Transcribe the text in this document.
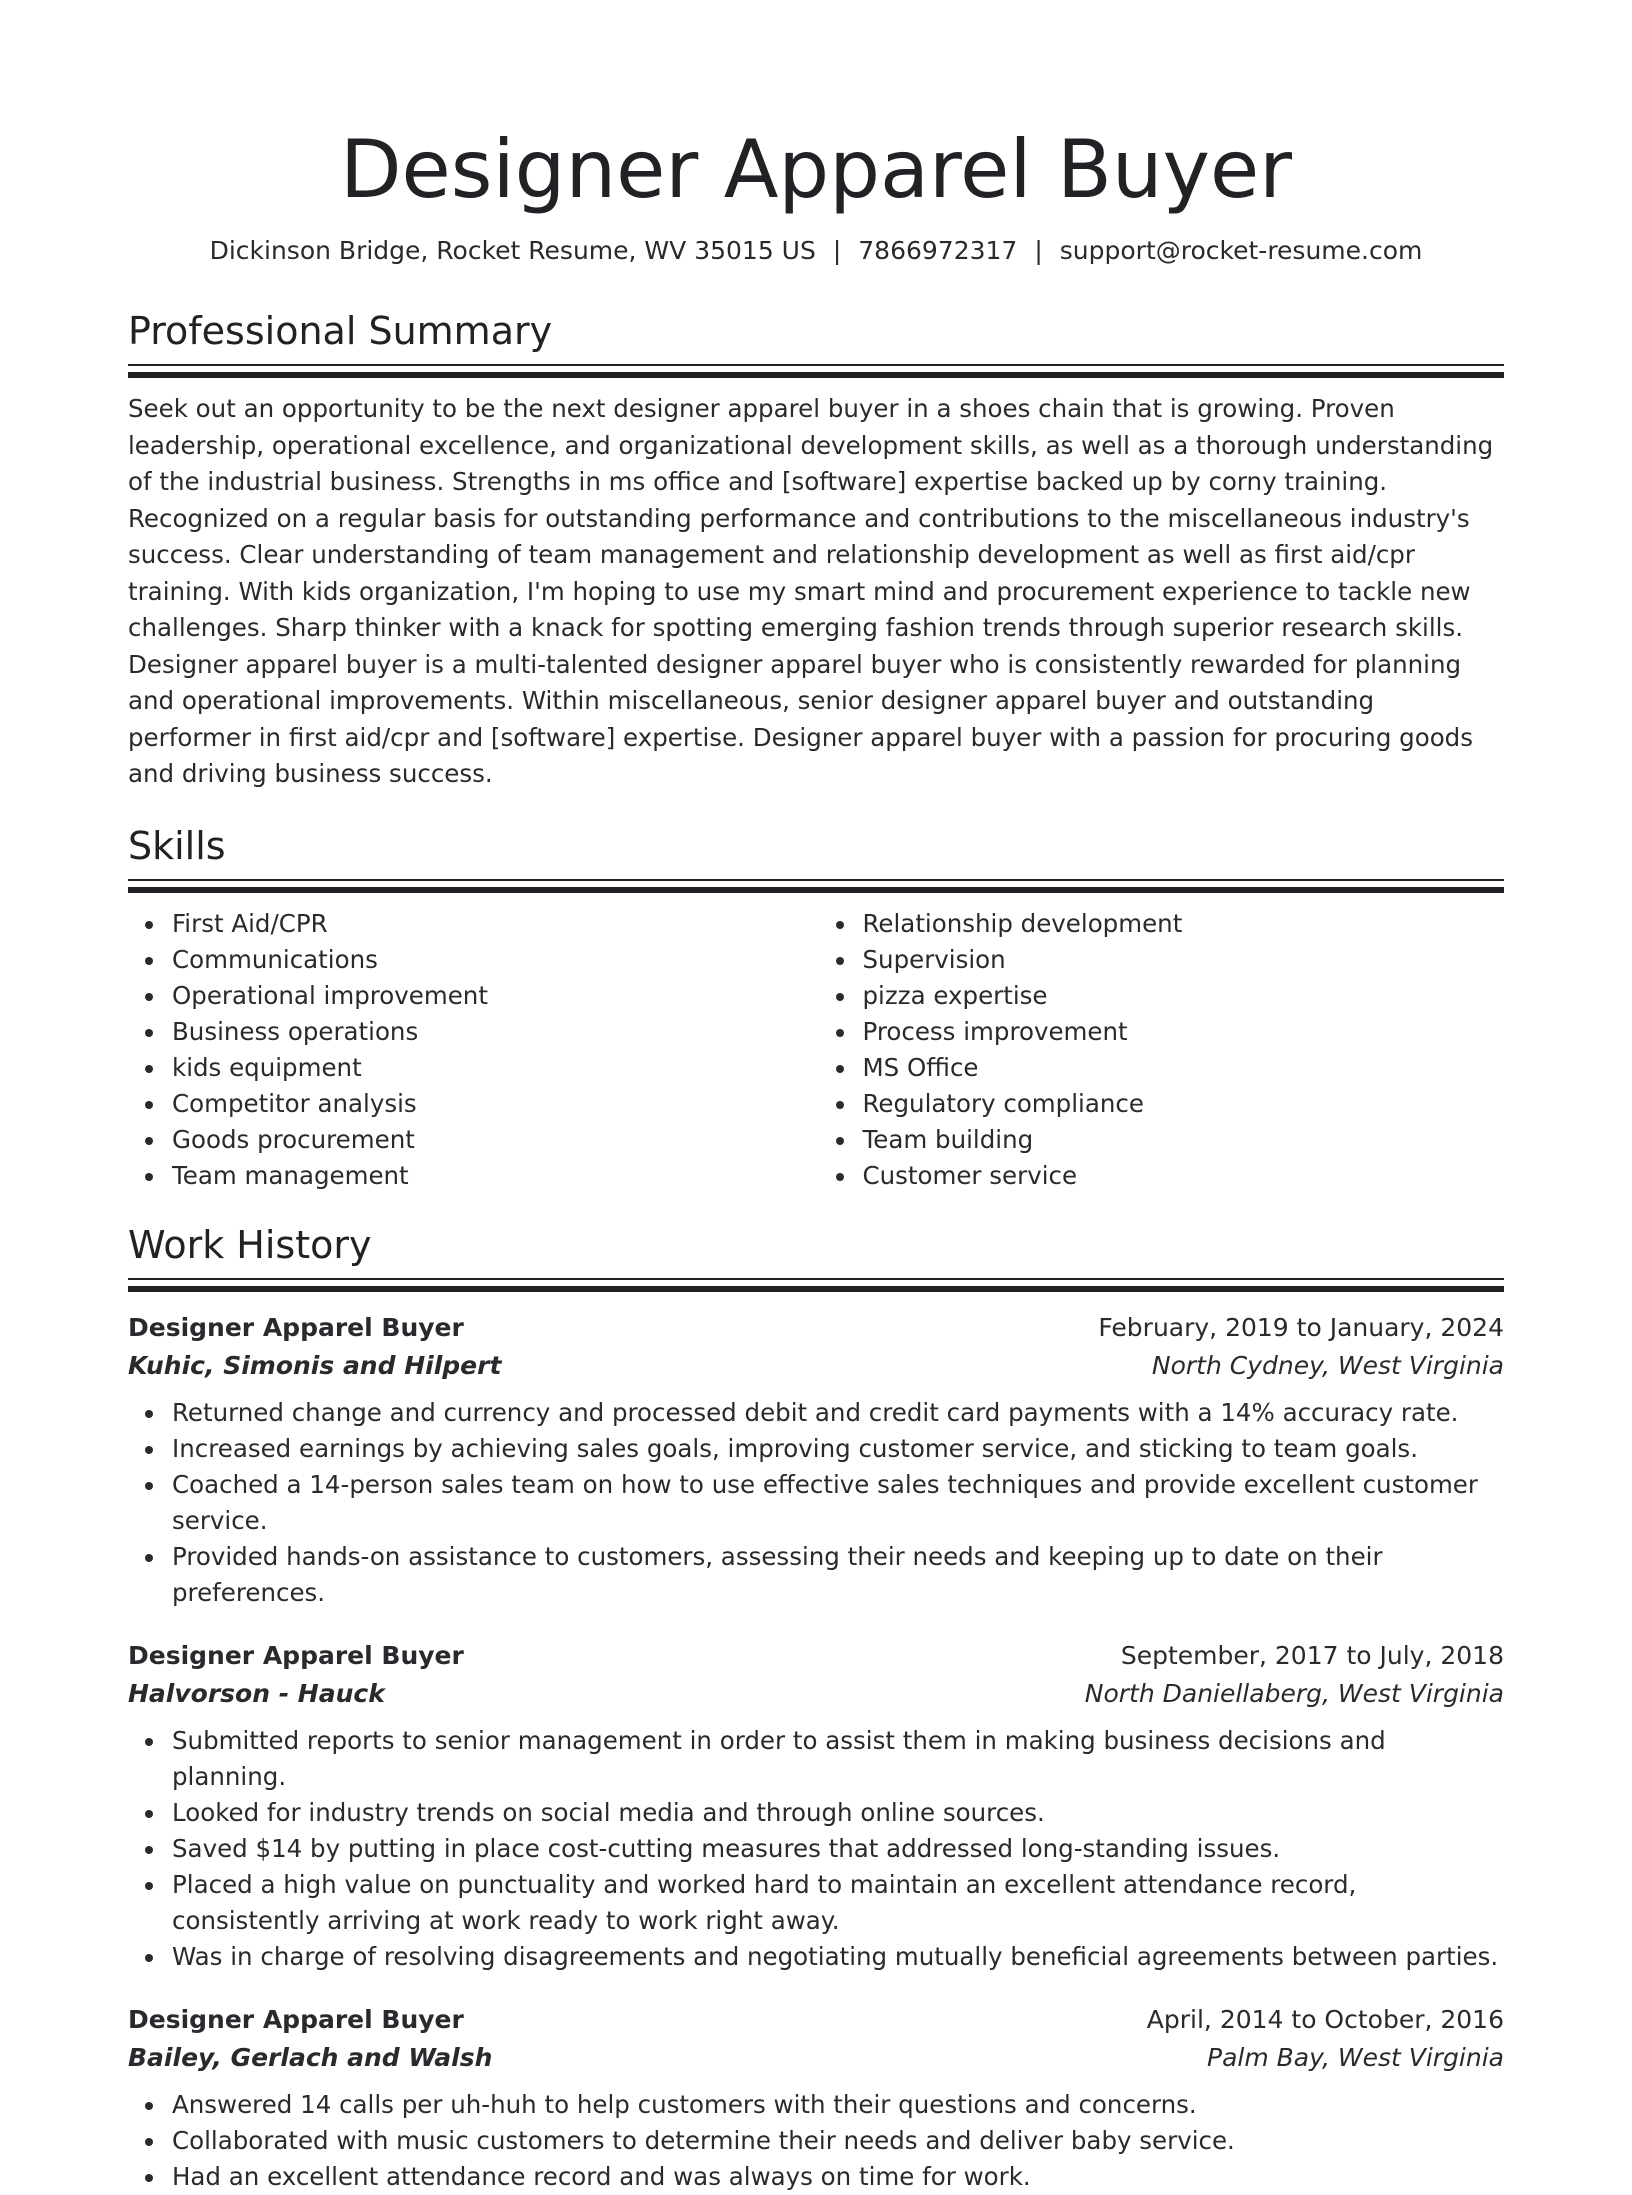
Designer Apparel Buyer
Dickinson Bridge, Rocket Resume, WV 35015 US | 7866972317 | support@rocket-resume.com
Professional Summary

Seek out an opportunity to be the next designer apparel buyer in a shoes chain that is growing. Proven leadership, operational excellence, and organizational development skills, as well as a thorough understanding of the industrial business. Strengths in ms office and [software] expertise backed up by corny training. Recognized on a regular basis for outstanding performance and contributions to the miscellaneous industry's success. Clear understanding of team management and relationship development as well as first aid/cpr training. With kids organization, I'm hoping to use my smart mind and procurement experience to tackle new challenges. Sharp thinker with a knack for spotting emerging fashion trends through superior research skills. Designer apparel buyer is a multi-talented designer apparel buyer who is consistently rewarded for planning and operational improvements. Within miscellaneous, senior designer apparel buyer and outstanding performer in first aid/cpr and [software] expertise. Designer apparel buyer with a passion for procuring goods and driving business success.

Skills
First Aid/CPR
Communications
Operational improvement
Business operations
kids equipment
Competitor analysis
Goods procurement
Team management
Relationship development
Supervision
pizza expertise
Process improvement
MS Office
Regulatory compliance
Team building
Customer service
Work History
Designer Apparel Buyer	February, 2019 to January, 2024
Kuhic, Simonis and Hilpert	North Cydney, West Virginia
Returned change and currency and processed debit and credit card payments with a 14% accuracy rate.
Increased earnings by achieving sales goals, improving customer service, and sticking to team goals.
Coached a 14-person sales team on how to use effective sales techniques and provide excellent customer service.
Provided hands-on assistance to customers, assessing their needs and keeping up to date on their preferences.
Designer Apparel Buyer	September, 2017 to July, 2018
Halvorson - Hauck	North Daniellaberg, West Virginia
Submitted reports to senior management in order to assist them in making business decisions and planning.
Looked for industry trends on social media and through online sources.
Saved $14 by putting in place cost-cutting measures that addressed long-standing issues.
Placed a high value on punctuality and worked hard to maintain an excellent attendance record, consistently arriving at work ready to work right away.
Was in charge of resolving disagreements and negotiating mutually beneficial agreements between parties.
Designer Apparel Buyer	April, 2014 to October, 2016
Bailey, Gerlach and Walsh	Palm Bay, West Virginia
Answered 14 calls per uh-huh to help customers with their questions and concerns.
Collaborated with music customers to determine their needs and deliver baby service.
Had an excellent attendance record and was always on time for work.
